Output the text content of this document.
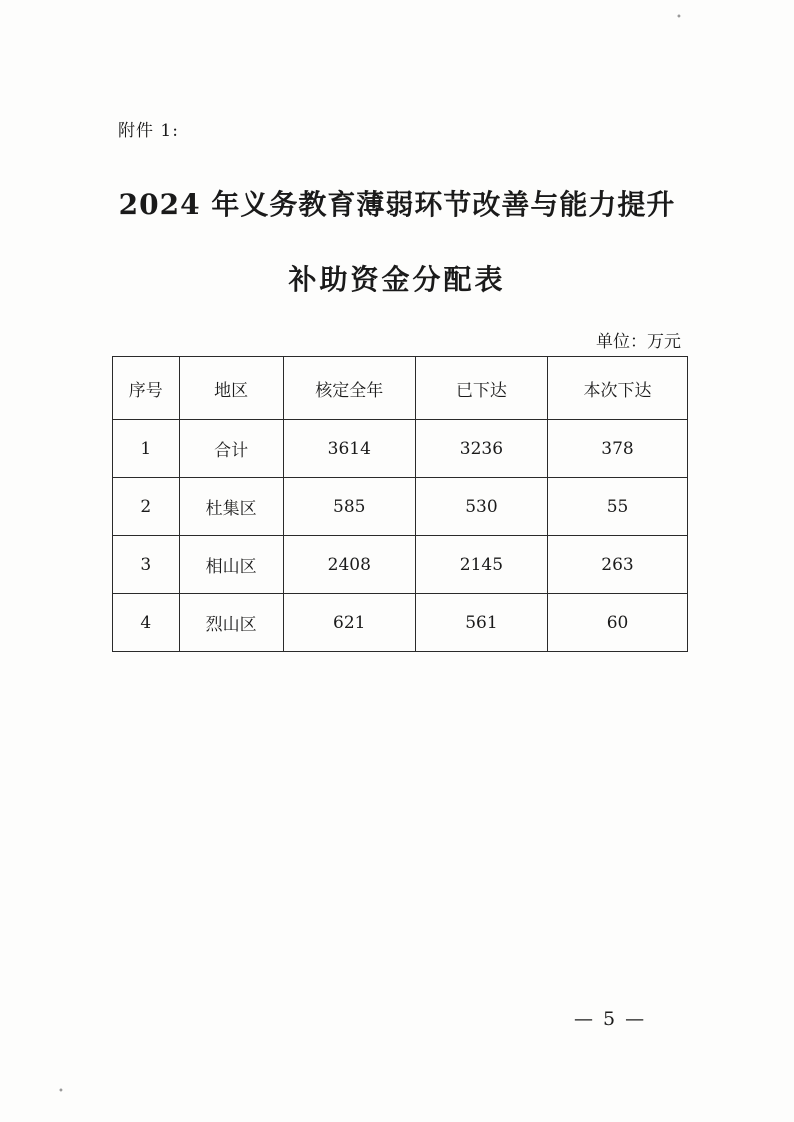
附件 1:
2024 年义务教育薄弱环节改善与能力提升
补助资金分配表
单位：万元
序号	地区	核定全年	已下达	本次下达
1	合计	3614	3236	378
2	杜集区	585	530	55
3	相山区	2408	2145	263
4	烈山区	621	561	60
— 5 —
•
•
